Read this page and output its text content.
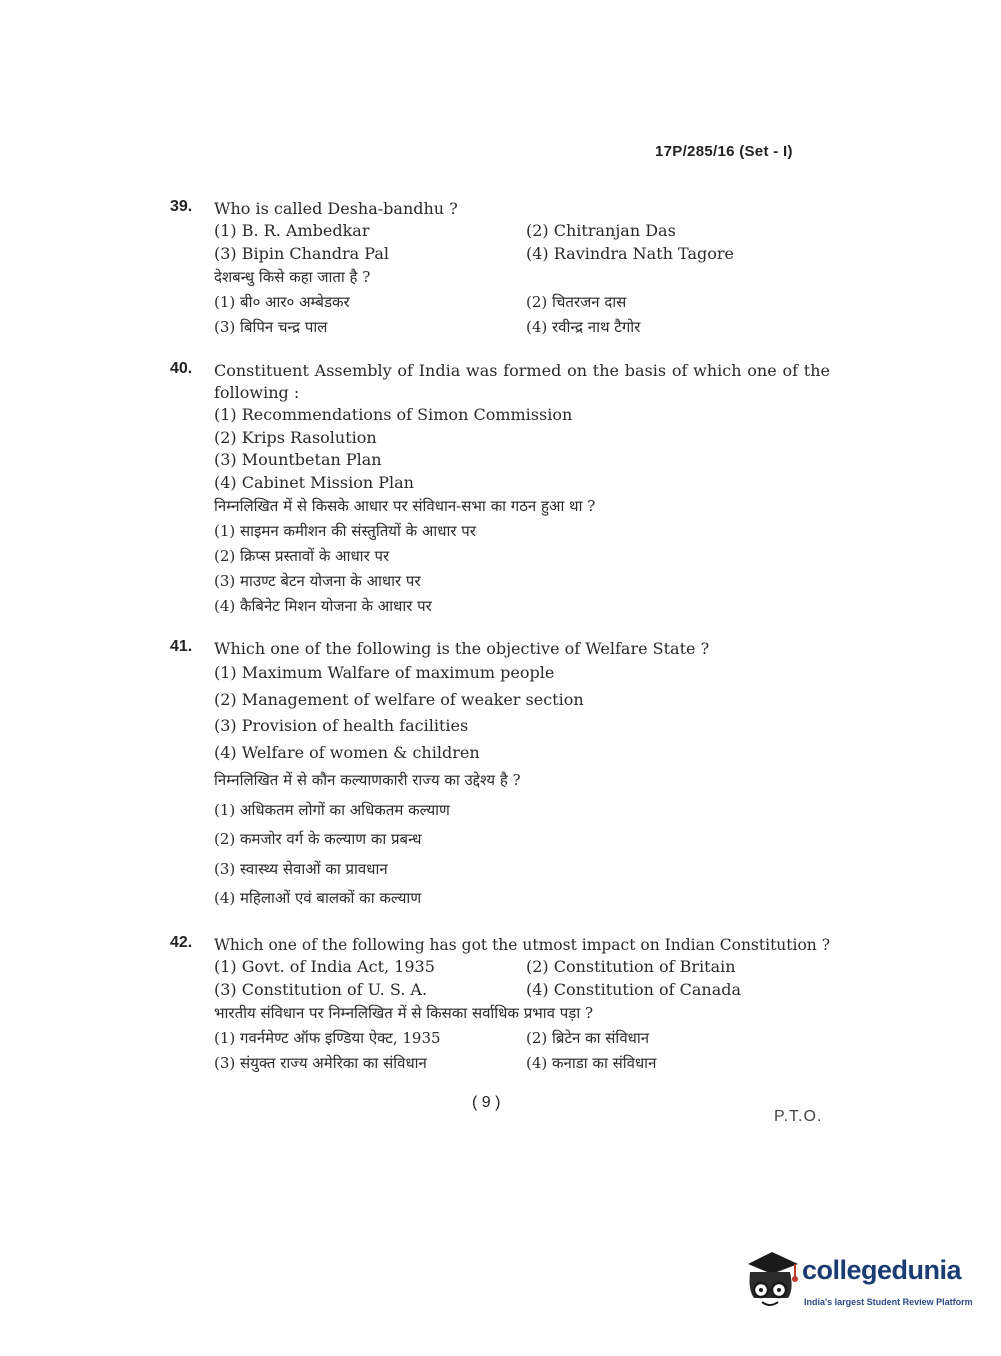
17P/285/16 (Set - I)
39. Who is called Desha-bandhu ?
(1) B. R. Ambedkar	(2) Chitranjan Das
(3) Bipin Chandra Pal	(4) Ravindra Nath Tagore
देशबन्धु किसे कहा जाता है ?
(1) बी० आर० अम्बेडकर	(2) चितरजन दास
(3) बिपिन चन्द्र पाल	(4) रवीन्द्र नाथ टैगोर
40. Constituent Assembly of India was formed on the basis of which one of the following :
(1) Recommendations of Simon Commission
(2) Krips Rasolution
(3) Mountbetan Plan
(4) Cabinet Mission Plan
निम्नलिखित में से किसके आधार पर संविधान-सभा का गठन हुआ था ?
(1) साइमन कमीशन की संस्तुतियों के आधार पर
(2) क्रिप्स प्रस्तावों के आधार पर
(3) माउण्ट बेटन योजना के आधार पर
(4) कैबिनेट मिशन योजना के आधार पर
41. Which one of the following is the objective of Welfare State ?
(1) Maximum Walfare of maximum people
(2) Management of welfare of weaker section
(3) Provision of health facilities
(4) Welfare of women & children
निम्नलिखित में से कौन कल्याणकारी राज्य का उद्देश्य है ?
(1) अधिकतम लोगों का अधिकतम कल्याण
(2) कमजोर वर्ग के कल्याण का प्रबन्ध
(3) स्वास्थ्य सेवाओं का प्रावधान
(4) महिलाओं एवं बालकों का कल्याण
42. Which one of the following has got the utmost impact on Indian Constitution ?
(1) Govt. of India Act, 1935	(2) Constitution of Britain
(3) Constitution of U. S. A.	(4) Constitution of Canada
भारतीय संविधान पर निम्नलिखित में से किसका सर्वाधिक प्रभाव पड़ा ?
(1) गवर्नमेण्ट ऑफ इण्डिया ऐक्ट, 1935	(2) ब्रिटेन का संविधान
(3) संयुक्त राज्य अमेरिका का संविधान	(4) कनाडा का संविधान
( 9 )
P.T.O.
collegedunia
India's largest Student Review Platform
